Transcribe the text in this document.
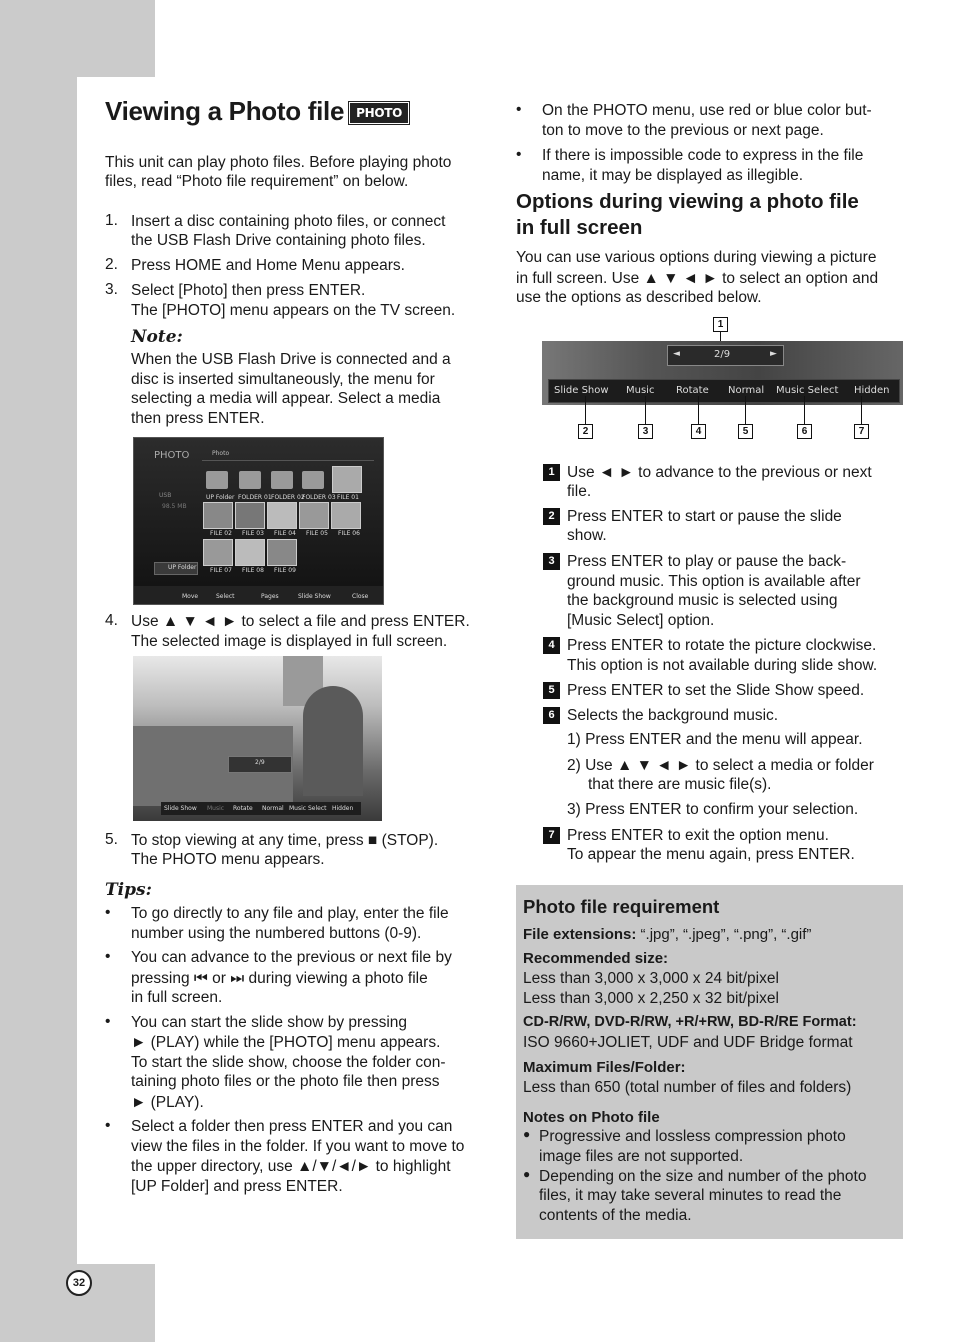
32
Viewing a Photo file PHOTO
This unit can play photo files. Before playing photo
files, read “Photo file requirement” on below.
1. Insert a disc containing photo files, or connect
the USB Flash Drive containing photo files.
2. Press HOME and Home Menu appears.
3. Select [Photo] then press ENTER.
The [PHOTO] menu appears on the TV screen.
Note:
When the USB Flash Drive is connected and a
disc is inserted simultaneously, the menu for
selecting a media will appear. Select a media
then press ENTER.
PHOTO	Photo
USB
98.5 MB
UP Folder
UP Folder FOLDER 01 FOLDER 02
FOLDER 03 FILE 01
FILE 02 FILE 03 FILE 04 FILE 05 FILE 06
FILE 07 FILE 08 FILE 09
Move	Select	Pages	Slide Show	Close
4. Use ▲ ▼ ◄ ► to select a file and press ENTER.
The selected image is displayed in full screen.
2/9
Slide Show Music Rotate Normal Music Select Hidden
5. To stop viewing at any time, press ■ (STOP).
The PHOTO menu appears.
Tips:
• To go directly to any file and play, enter the file
number using the numbered buttons (0-9).
• You can advance to the previous or next file by
pressing ⏮ or ⏭ during viewing a photo file
in full screen.
• You can start the slide show by pressing
► (PLAY) while the [PHOTO] menu appears.
To start the slide show, choose the folder con-
taining photo files or the photo file then press
► (PLAY).
• Select a folder then press ENTER and you can
view the files in the folder. If you want to move to
the upper directory, use ▲/▼/◄/► to highlight
[UP Folder] and press ENTER.
• On the PHOTO menu, use red or blue color but-
ton to move to the previous or next page.
• If there is impossible code to express in the file
name, it may be displayed as illegible.
Options during viewing a photo file
in full screen
You can use various options during viewing a picture
in full screen. Use ▲ ▼ ◄ ► to select an option and
use the options as described below.
1
◄	►
2/9
Slide Show Music Rotate Normal Music Select Hidden
2	3	4	5	6	7
1 Use ◄ ► to advance to the previous or next
file.
2 Press ENTER to start or pause the slide
show.
3 Press ENTER to play or pause the back-
ground music. This option is available after
the background music is selected using
[Music Select] option.
4 Press ENTER to rotate the picture clockwise.
This option is not available during slide show.
5 Press ENTER to set the Slide Show speed.
6 Selects the background music.
1) Press ENTER and the menu will appear.
2) Use ▲ ▼ ◄ ► to select a media or folder
that there are music file(s).
3) Press ENTER to confirm your selection.
7 Press ENTER to exit the option menu.
To appear the menu again, press ENTER.
Photo file requirement
File extensions: “.jpg”, “.jpeg”, “.png”, “.gif”
Recommended size:
Less than 3,000 x 3,000 x 24 bit/pixel
Less than 3,000 x 2,250 x 32 bit/pixel
CD-R/RW, DVD-R/RW, +R/+RW, BD-R/RE Format:
ISO 9660+JOLIET, UDF and UDF Bridge format
Maximum Files/Folder:
Less than 650 (total number of files and folders)
Notes on Photo file
● Progressive and lossless compression photo
image files are not supported.
● Depending on the size and number of the photo
files, it may take several minutes to read the
contents of the media.
